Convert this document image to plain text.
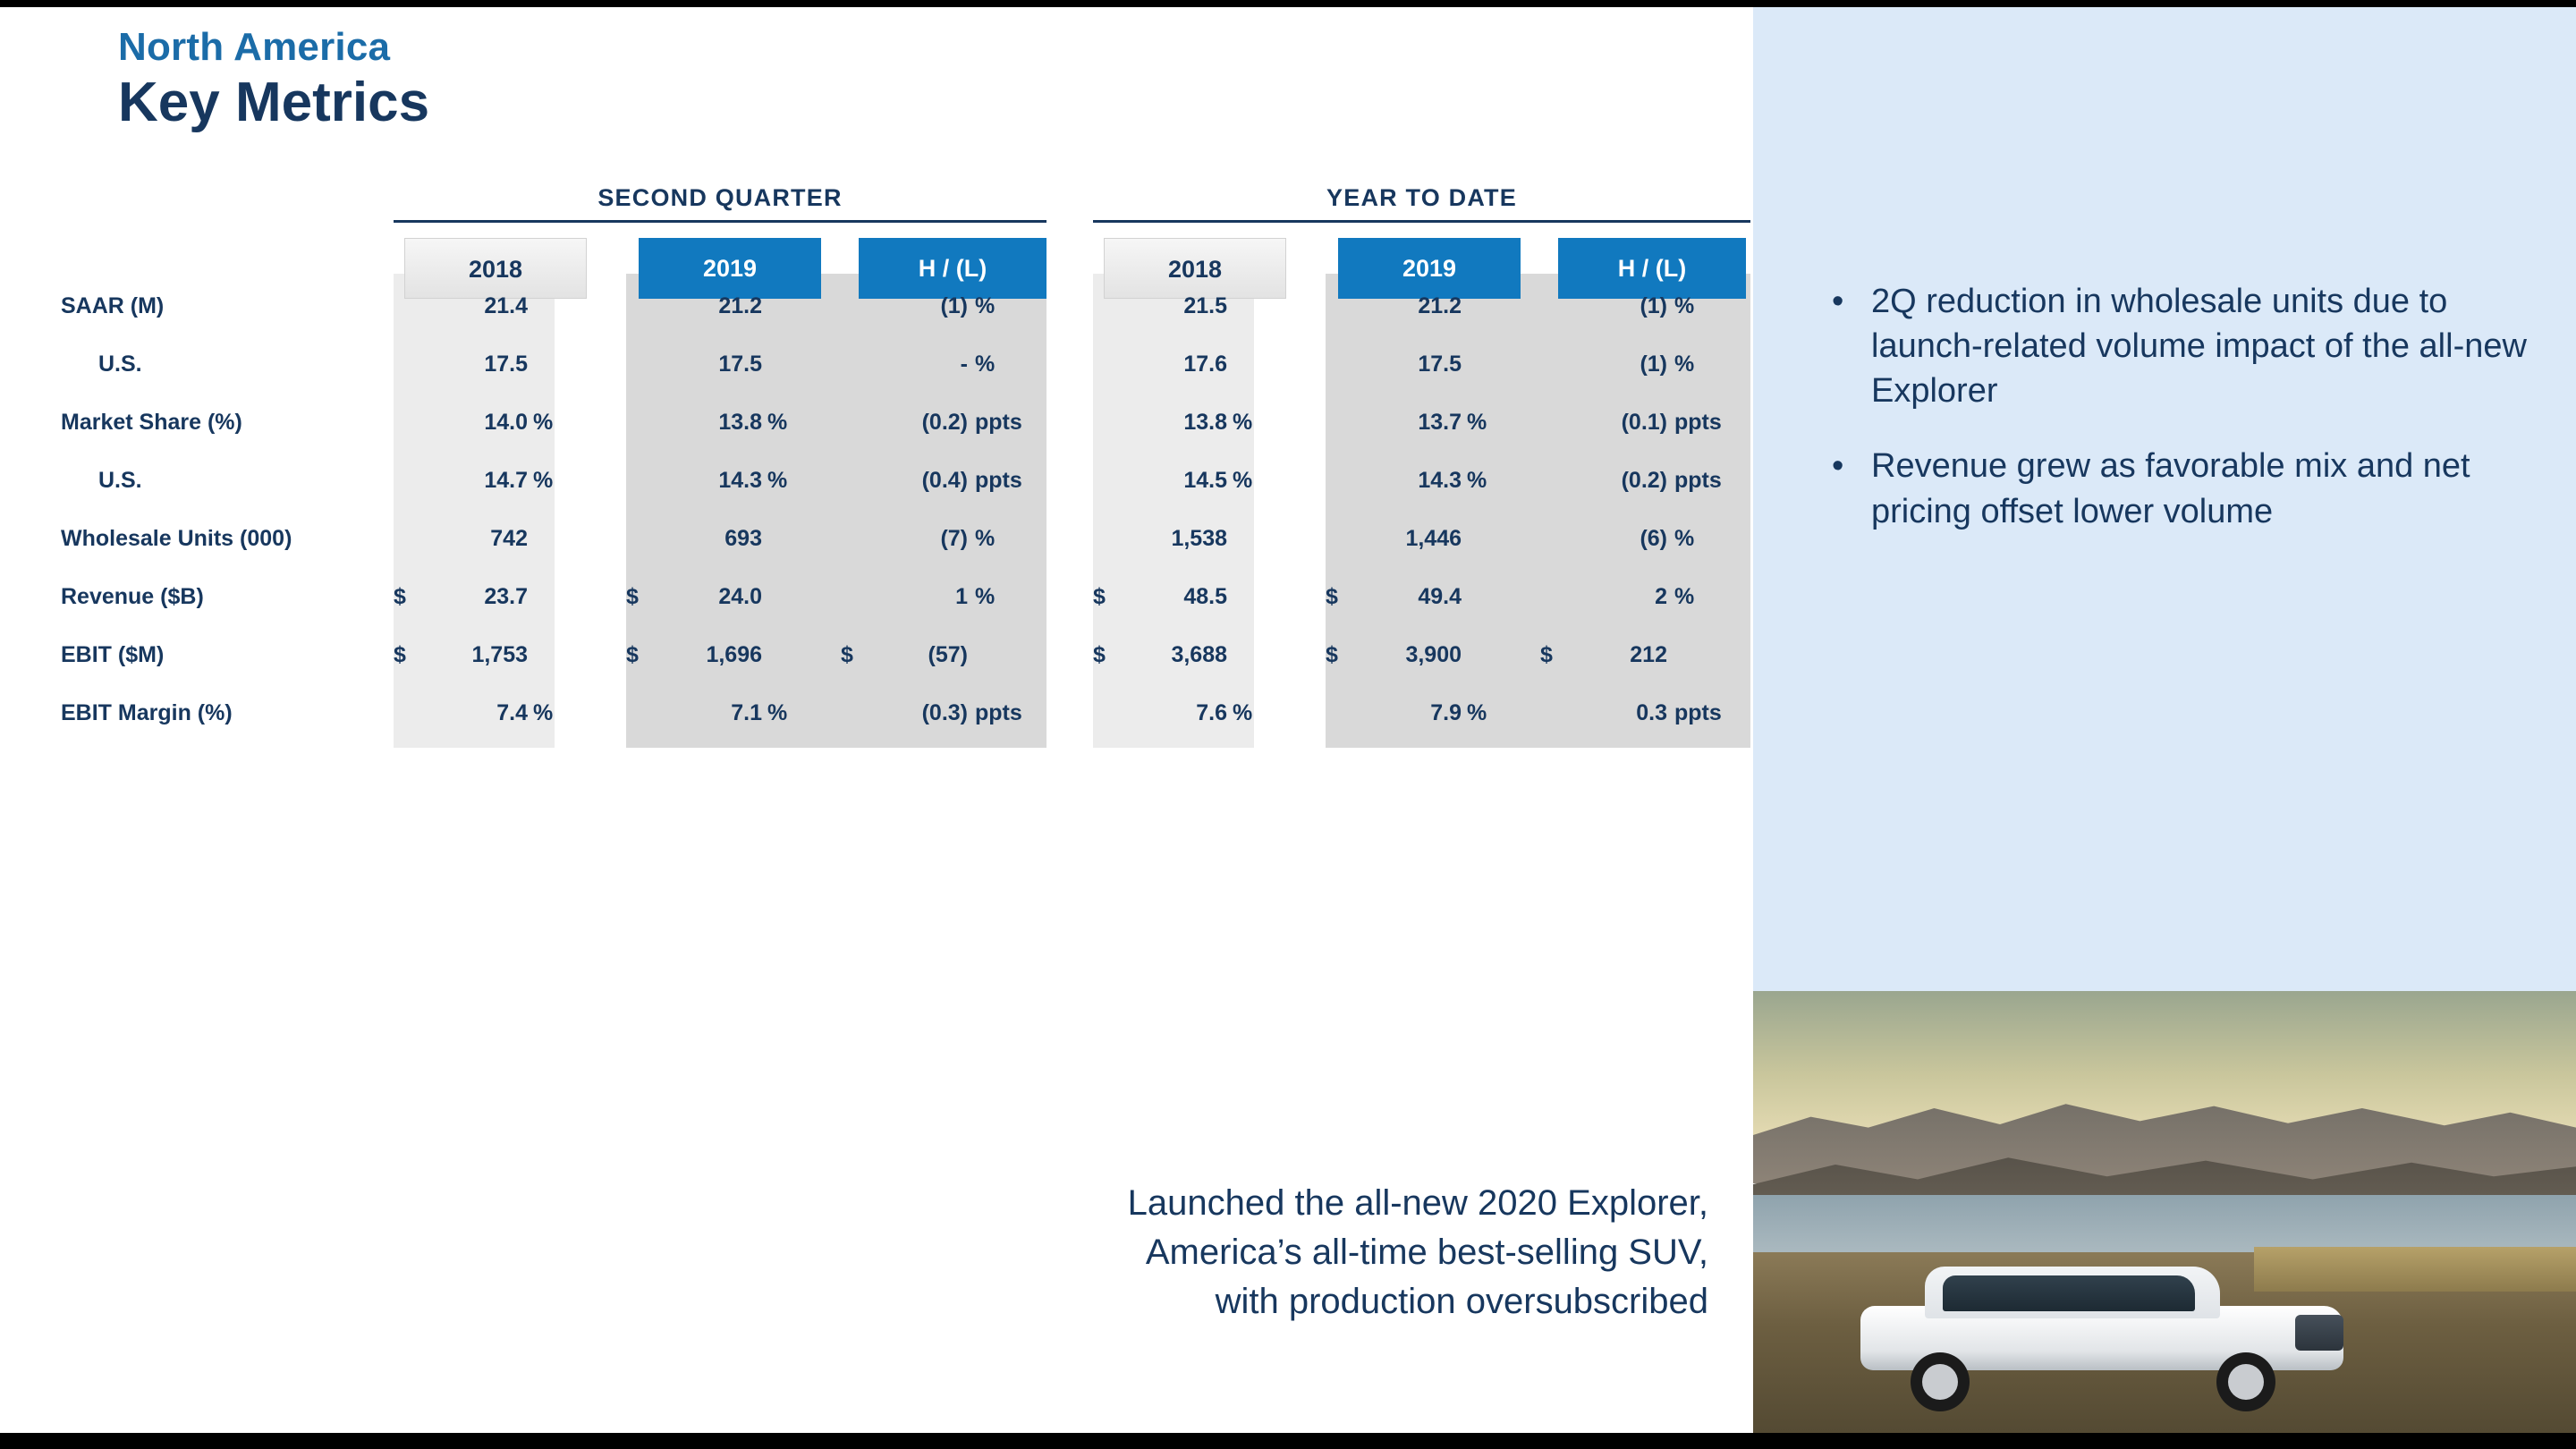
North America
Key Metrics
SECOND QUARTER	YEAR TO DATE
2018	2019	H / (L)	2018	2019	H / (L)
SAAR (M)	21.4	21.2	(1) %	21.5	21.2	(1) %
U.S.	17.5	17.5	- %	17.6	17.5	(1) %
Market Share (%)	14.0 %	13.8 %	(0.2) ppts	13.8 %	13.7 %	(0.1) ppts
U.S.	14.7 %	14.3 %	(0.4) ppts	14.5 %	14.3 %	(0.2) ppts
Wholesale Units (000)	742	693	(7) %	1,538	1,446	(6) %
Revenue ($B)	$	23.7	$	24.0	1 %	$	48.5	$	49.4	2 %
EBIT ($M)	$	1,753	$	1,696	$	(57)	$	3,688	$	3,900	$	212
EBIT Margin (%)	7.4 %	7.1 %	(0.3) ppts	7.6 %	7.9 %	0.3 ppts
• 2Q reduction in wholesale units due to launch-related volume impact of the all-new Explorer
• Revenue grew as favorable mix and net pricing offset lower volume
Launched the all-new 2020 Explorer,
America’s all-time best-selling SUV,
with production oversubscribed
